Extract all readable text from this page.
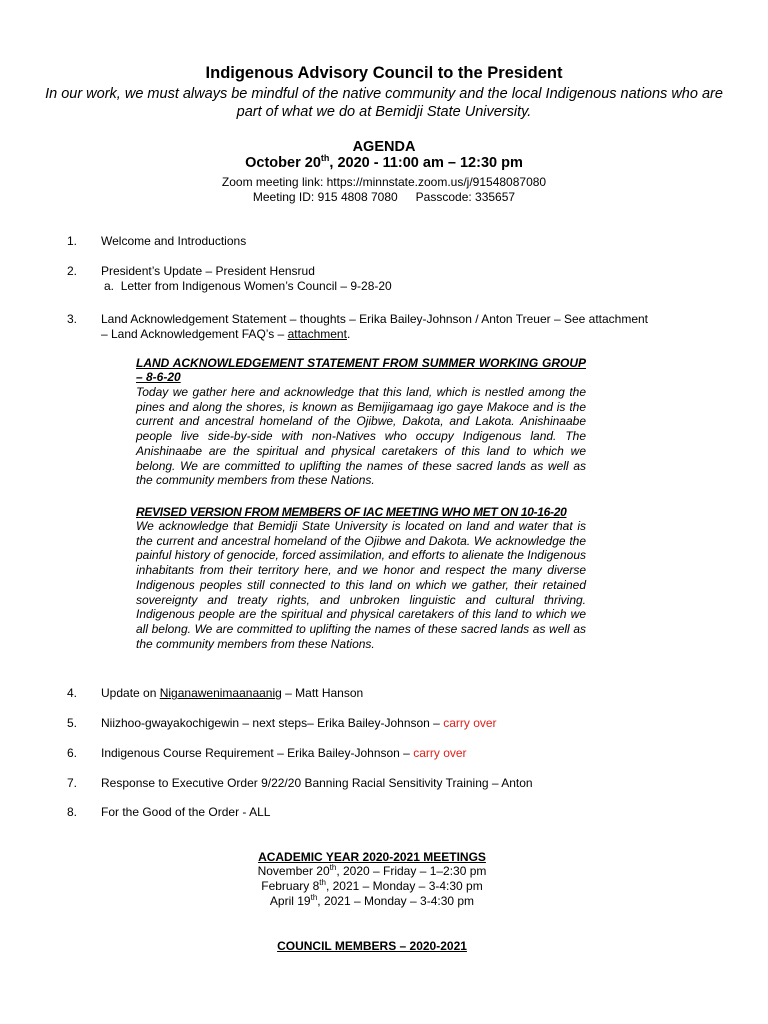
Indigenous Advisory Council to the President
In our work, we must always be mindful of the native community and the local Indigenous nations who are part of what we do at Bemidji State University.
AGENDA
October 20th, 2020 - 11:00 am – 12:30 pm
Zoom meeting link: https://minnstate.zoom.us/j/91548087080
Meeting ID: 915 4808 7080 Passcode: 335657
1.	Welcome and Introductions
2.	President’s Update – President Hensrud
a. Letter from Indigenous Women’s Council – 9-28-20
3.	Land Acknowledgement Statement – thoughts – Erika Bailey-Johnson / Anton Treuer – See attachment
– Land Acknowledgement FAQ’s – attachment.
LAND ACKNOWLEDGEMENT STATEMENT FROM SUMMER WORKING GROUP – 8-6-20
Today we gather here and acknowledge that this land, which is nestled among the pines and along the shores, is known as Bemijigamaag igo gaye Makoce and is the current and ancestral homeland of the Ojibwe, Dakota, and Lakota. Anishinaabe people live side-by-side with non-Natives who occupy Indigenous land. The Anishinaabe are the spiritual and physical caretakers of this land to which we belong. We are committed to uplifting the names of these sacred lands as well as the community members from these Nations.
REVISED VERSION FROM MEMBERS OF IAC MEETING WHO MET ON 10-16-20
We acknowledge that Bemidji State University is located on land and water that is the current and ancestral homeland of the Ojibwe and Dakota. We acknowledge the painful history of genocide, forced assimilation, and efforts to alienate the Indigenous inhabitants from their territory here, and we honor and respect the many diverse Indigenous peoples still connected to this land on which we gather, their retained sovereignty and treaty rights, and unbroken linguistic and cultural thriving. Indigenous people are the spiritual and physical caretakers of this land to which we all belong. We are committed to uplifting the names of these sacred lands as well as the community members from these Nations.
4.	Update on Niganawenimaanaanig – Matt Hanson
5.	Niizhoo-gwayakochigewin – next steps– Erika Bailey-Johnson – carry over
6.	Indigenous Course Requirement – Erika Bailey-Johnson – carry over
7.	Response to Executive Order 9/22/20 Banning Racial Sensitivity Training – Anton
8.	For the Good of the Order - ALL
ACADEMIC YEAR 2020-2021 MEETINGS
November 20th, 2020 – Friday – 1–2:30 pm
February 8th, 2021 – Monday – 3-4:30 pm
April 19th, 2021 – Monday – 3-4:30 pm
COUNCIL MEMBERS – 2020-2021
